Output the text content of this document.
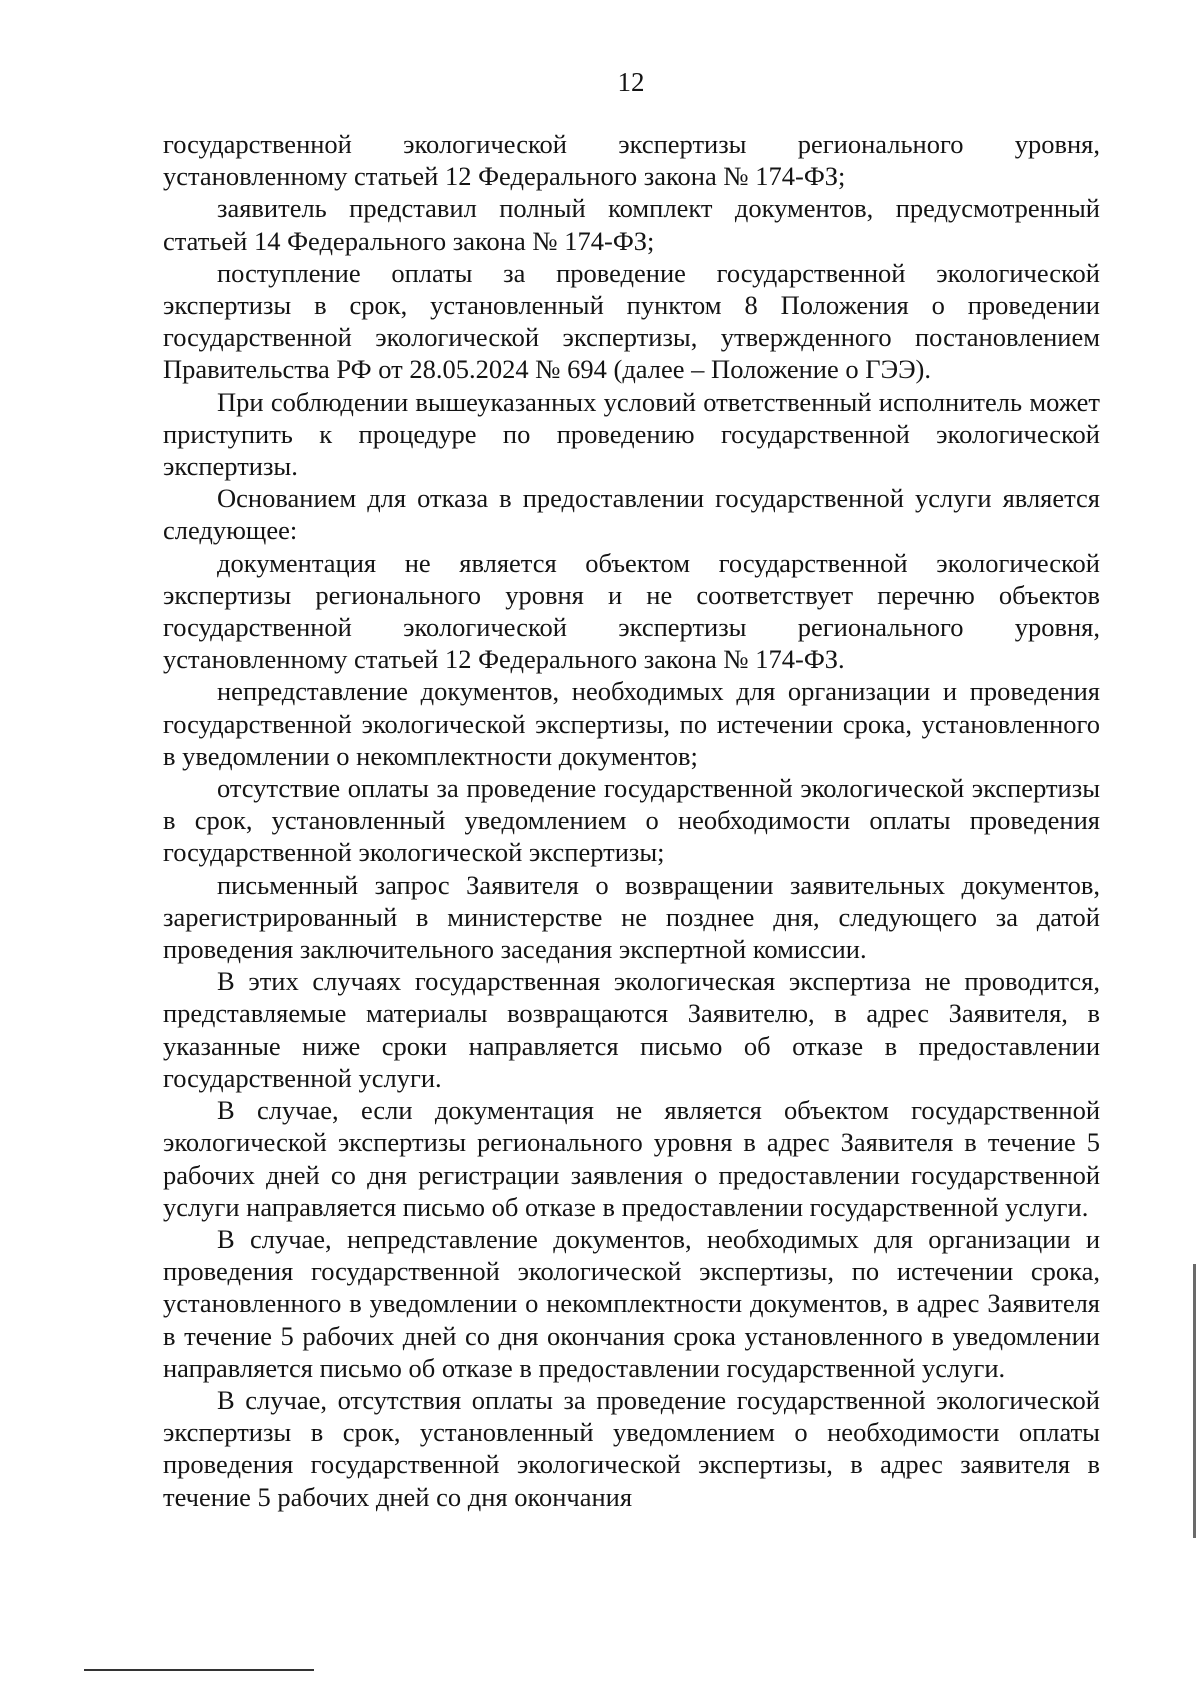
12

государственной экологической экспертизы регионального уровня, установленному статьей 12 Федерального закона № 174-ФЗ;

заявитель представил полный комплект документов, предусмотренный статьей 14 Федерального закона № 174-ФЗ;

поступление оплаты за проведение государственной экологической экспертизы в срок, установленный пунктом 8 Положения о проведении государственной экологической экспертизы, утвержденного постановлением Правительства РФ от 28.05.2024 № 694 (далее – Положение о ГЭЭ).

При соблюдении вышеуказанных условий ответственный исполнитель может приступить к процедуре по проведению государственной экологической экспертизы.

Основанием для отказа в предоставлении государственной услуги является следующее:

документация не является объектом государственной экологической экспертизы регионального уровня и не соответствует перечню объектов государственной экологической экспертизы регионального уровня, установленному статьей 12 Федерального закона № 174-ФЗ.

непредставление документов, необходимых для организации и проведения государственной экологической экспертизы, по истечении срока, установленного в уведомлении о некомплектности документов;

отсутствие оплаты за проведение государственной экологической экспертизы в срок, установленный уведомлением о необходимости оплаты проведения государственной экологической экспертизы;

письменный запрос Заявителя о возвращении заявительных документов, зарегистрированный в министерстве не позднее дня, следующего за датой проведения заключительного заседания экспертной комиссии.

В этих случаях государственная экологическая экспертиза не проводится, представляемые материалы возвращаются Заявителю, в адрес Заявителя, в указанные ниже сроки направляется письмо об отказе в предоставлении государственной услуги.

В случае, если документация не является объектом государственной экологической экспертизы регионального уровня в адрес Заявителя в течение 5 рабочих дней со дня регистрации заявления о предоставлении государственной услуги направляется письмо об отказе в предоставлении государственной услуги.

В случае, непредставление документов, необходимых для организации и проведения государственной экологической экспертизы, по истечении срока, установленного в уведомлении о некомплектности документов, в адрес Заявителя в течение 5 рабочих дней со дня окончания срока установленного в уведомлении направляется письмо об отказе в предоставлении государственной услуги.

В случае, отсутствия оплаты за проведение государственной экологической экспертизы в срок, установленный уведомлением о необходимости оплаты проведения государственной экологической экспертизы, в адрес заявителя в течение 5 рабочих дней со дня окончания
